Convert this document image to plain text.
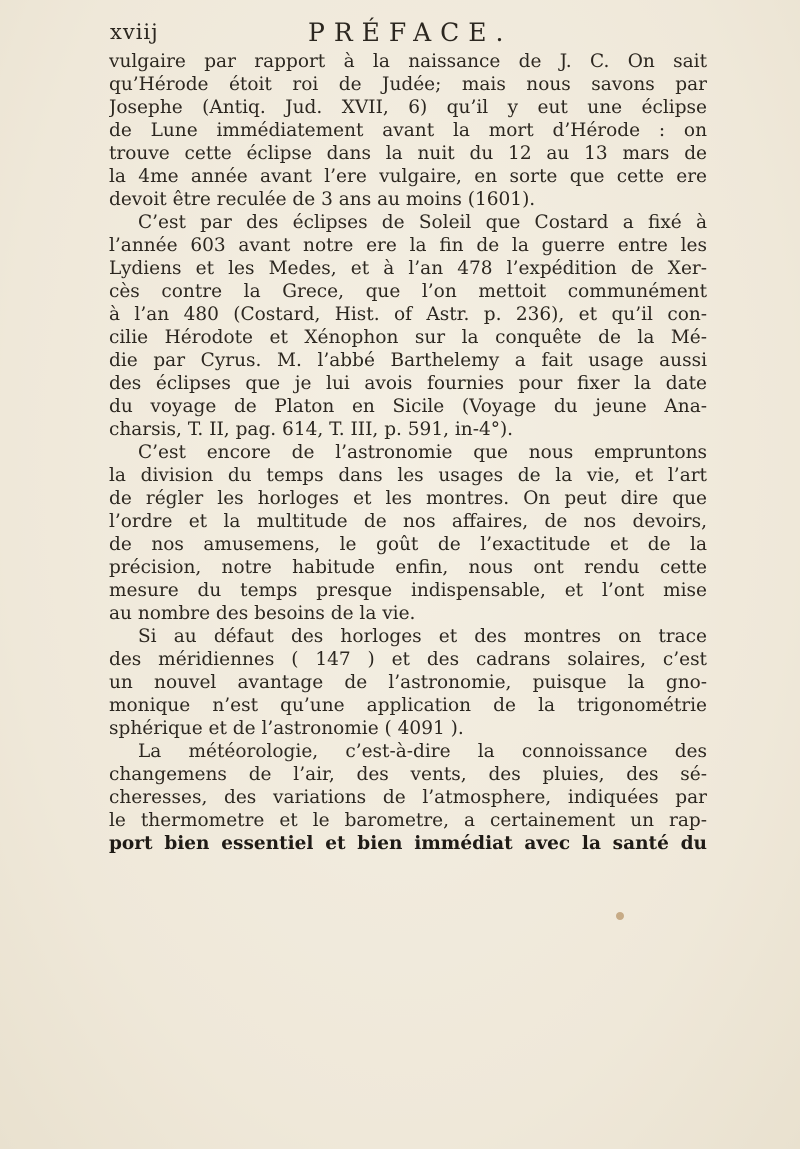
xviij	PRÉFACE.
vulgaire par rapport à la naissance de J. C. On sait
qu’Hérode étoit roi de Judée; mais nous savons par
Josephe (Antiq. Jud. XVII, 6) qu’il y eut une éclipse
de Lune immédiatement avant la mort d’Hérode : on
trouve cette éclipse dans la nuit du 12 au 13 mars de
la 4me année avant l’ere vulgaire, en sorte que cette ere
devoit être reculée de 3 ans au moins (1601).
C’est par des éclipses de Soleil que Costard a fixé à
l’année 603 avant notre ere la fin de la guerre entre les
Lydiens et les Medes, et à l’an 478 l’expédition de Xer-
cès contre la Grece, que l’on mettoit communément
à l’an 480 (Costard, Hist. of Astr. p. 236), et qu’il con-
cilie Hérodote et Xénophon sur la conquête de la Mé-
die par Cyrus. M. l’abbé Barthelemy a fait usage aussi
des éclipses que je lui avois fournies pour fixer la date
du voyage de Platon en Sicile (Voyage du jeune Ana-
charsis, T. II, pag. 614, T. III, p. 591, in-4°).
C’est encore de l’astronomie que nous empruntons
la division du temps dans les usages de la vie, et l’art
de régler les horloges et les montres. On peut dire que
l’ordre et la multitude de nos affaires, de nos devoirs,
de nos amusemens, le goût de l’exactitude et de la
précision, notre habitude enfin, nous ont rendu cette
mesure du temps presque indispensable, et l’ont mise
au nombre des besoins de la vie.
Si au défaut des horloges et des montres on trace
des méridiennes ( 147 ) et des cadrans solaires, c’est
un nouvel avantage de l’astronomie, puisque la gno-
monique n’est qu’une application de la trigonométrie
sphérique et de l’astronomie ( 4091 ).
La météorologie, c’est-à-dire la connoissance des
changemens de l’air, des vents, des pluies, des sé-
cheresses, des variations de l’atmosphere, indiquées par
le thermometre et le barometre, a certainement un rap-
port bien essentiel et bien immédiat avec la santé du
